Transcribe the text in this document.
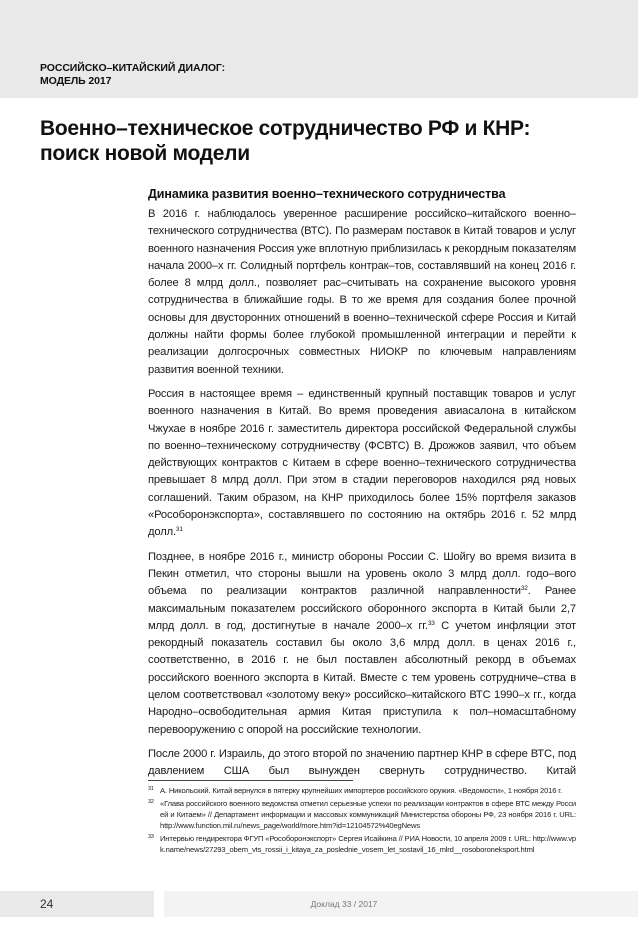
РОССИЙСКО–КИТАЙСКИЙ ДИАЛОГ:
МОДЕЛЬ 2017
Военно–техническое сотрудничество РФ и КНР:
поиск новой модели
Динамика развития военно–технического сотрудничества

В 2016 г. наблюдалось уверенное расширение российско–китайского военно–технического сотрудничества (ВТС). По размерам поставок в Китай товаров и услуг военного назначения Россия уже вплотную приблизилась к рекордным показателям начала 2000–х гг. Солидный портфель контрак–тов, составлявший на конец 2016 г. более 8 млрд долл., позволяет рас–считывать на сохранение высокого уровня сотрудничества в ближайшие годы. В то же время для создания более прочной основы для двусторонних отношений в военно–технической сфере Россия и Китай должны найти формы более глубокой промышленной интеграции и перейти к реализации долгосрочных совместных НИОКР по ключевым направлениям развития военной техники.

Россия в настоящее время – единственный крупный поставщик товаров и услуг военного назначения в Китай. Во время проведения авиасалона в китайском Чжухае в ноябре 2016 г. заместитель директора российской Федеральной службы по военно–техническому сотрудничеству (ФСВТС) В. Дрожжов заявил, что объем действующих контрактов с Китаем в сфере военно–технического сотрудничества превышает 8 млрд долл. При этом в стадии переговоров находился ряд новых соглашений. Таким образом, на КНР приходилось более 15% портфеля заказов «Рособоронэкспорта», составлявшего по состоянию на октябрь 2016 г. 52 млрд долл.$^{31}$

Позднее, в ноябре 2016 г., министр обороны России С. Шойгу во время визита в Пекин отметил, что стороны вышли на уровень около 3 млрд долл. годо–вого объема по реализации контрактов различной направленности$^{32}$. Ранее максимальным показателем российского оборонного экспорта в Китай были 2,7 млрд долл. в год, достигнутые в начале 2000–х гг.$^{33}$ С учетом инфляции этот рекордный показатель составил бы около 3,6 млрд долл. в ценах 2016 г., соответственно, в 2016 г. не был поставлен абсолютный рекорд в объемах российского военного экспорта в Китай. Вместе с тем уровень сотрудниче–ства в целом соответствовал «золотому веку» российско–китайского ВТС 1990–х гг., когда Народно–освободительная армия Китая приступила к пол–номасштабному перевооружению с опорой на российские технологии.

После 2000 г. Израиль, до этого второй по значению партнер КНР в сфере ВТС, под давлением США был вынужден свернуть сотрудничество. Китай

31 А. Никольский. Китай вернулся в пятерку крупнейших импортеров российского оружия. «Ведомости», 1 ноября 2016 г.
32 «Глава российского военного ведомства отметил серьезные успехи по реализации контрактов в сфере ВТС между Россией и Китаем» // Департамент информации и массовых коммуникаций Министерства обороны РФ, 23 ноября 2016 г. URL: http://www.function.mil.ru/news_page/world/more.htm?id=12104572%40egNews
33 Интервью гендиректора ФГУП «Рособоронэкспорт» Сергея Исайкина // РИА Новости, 10 апреля 2009 г. URL: http://www.vpk.name/news/27293_obem_vts_rossii_i_kitaya_za_poslednie_vosem_let_sostavil_16_mlrd__rosoboroneksport.html
24	Доклад 33 / 2017
